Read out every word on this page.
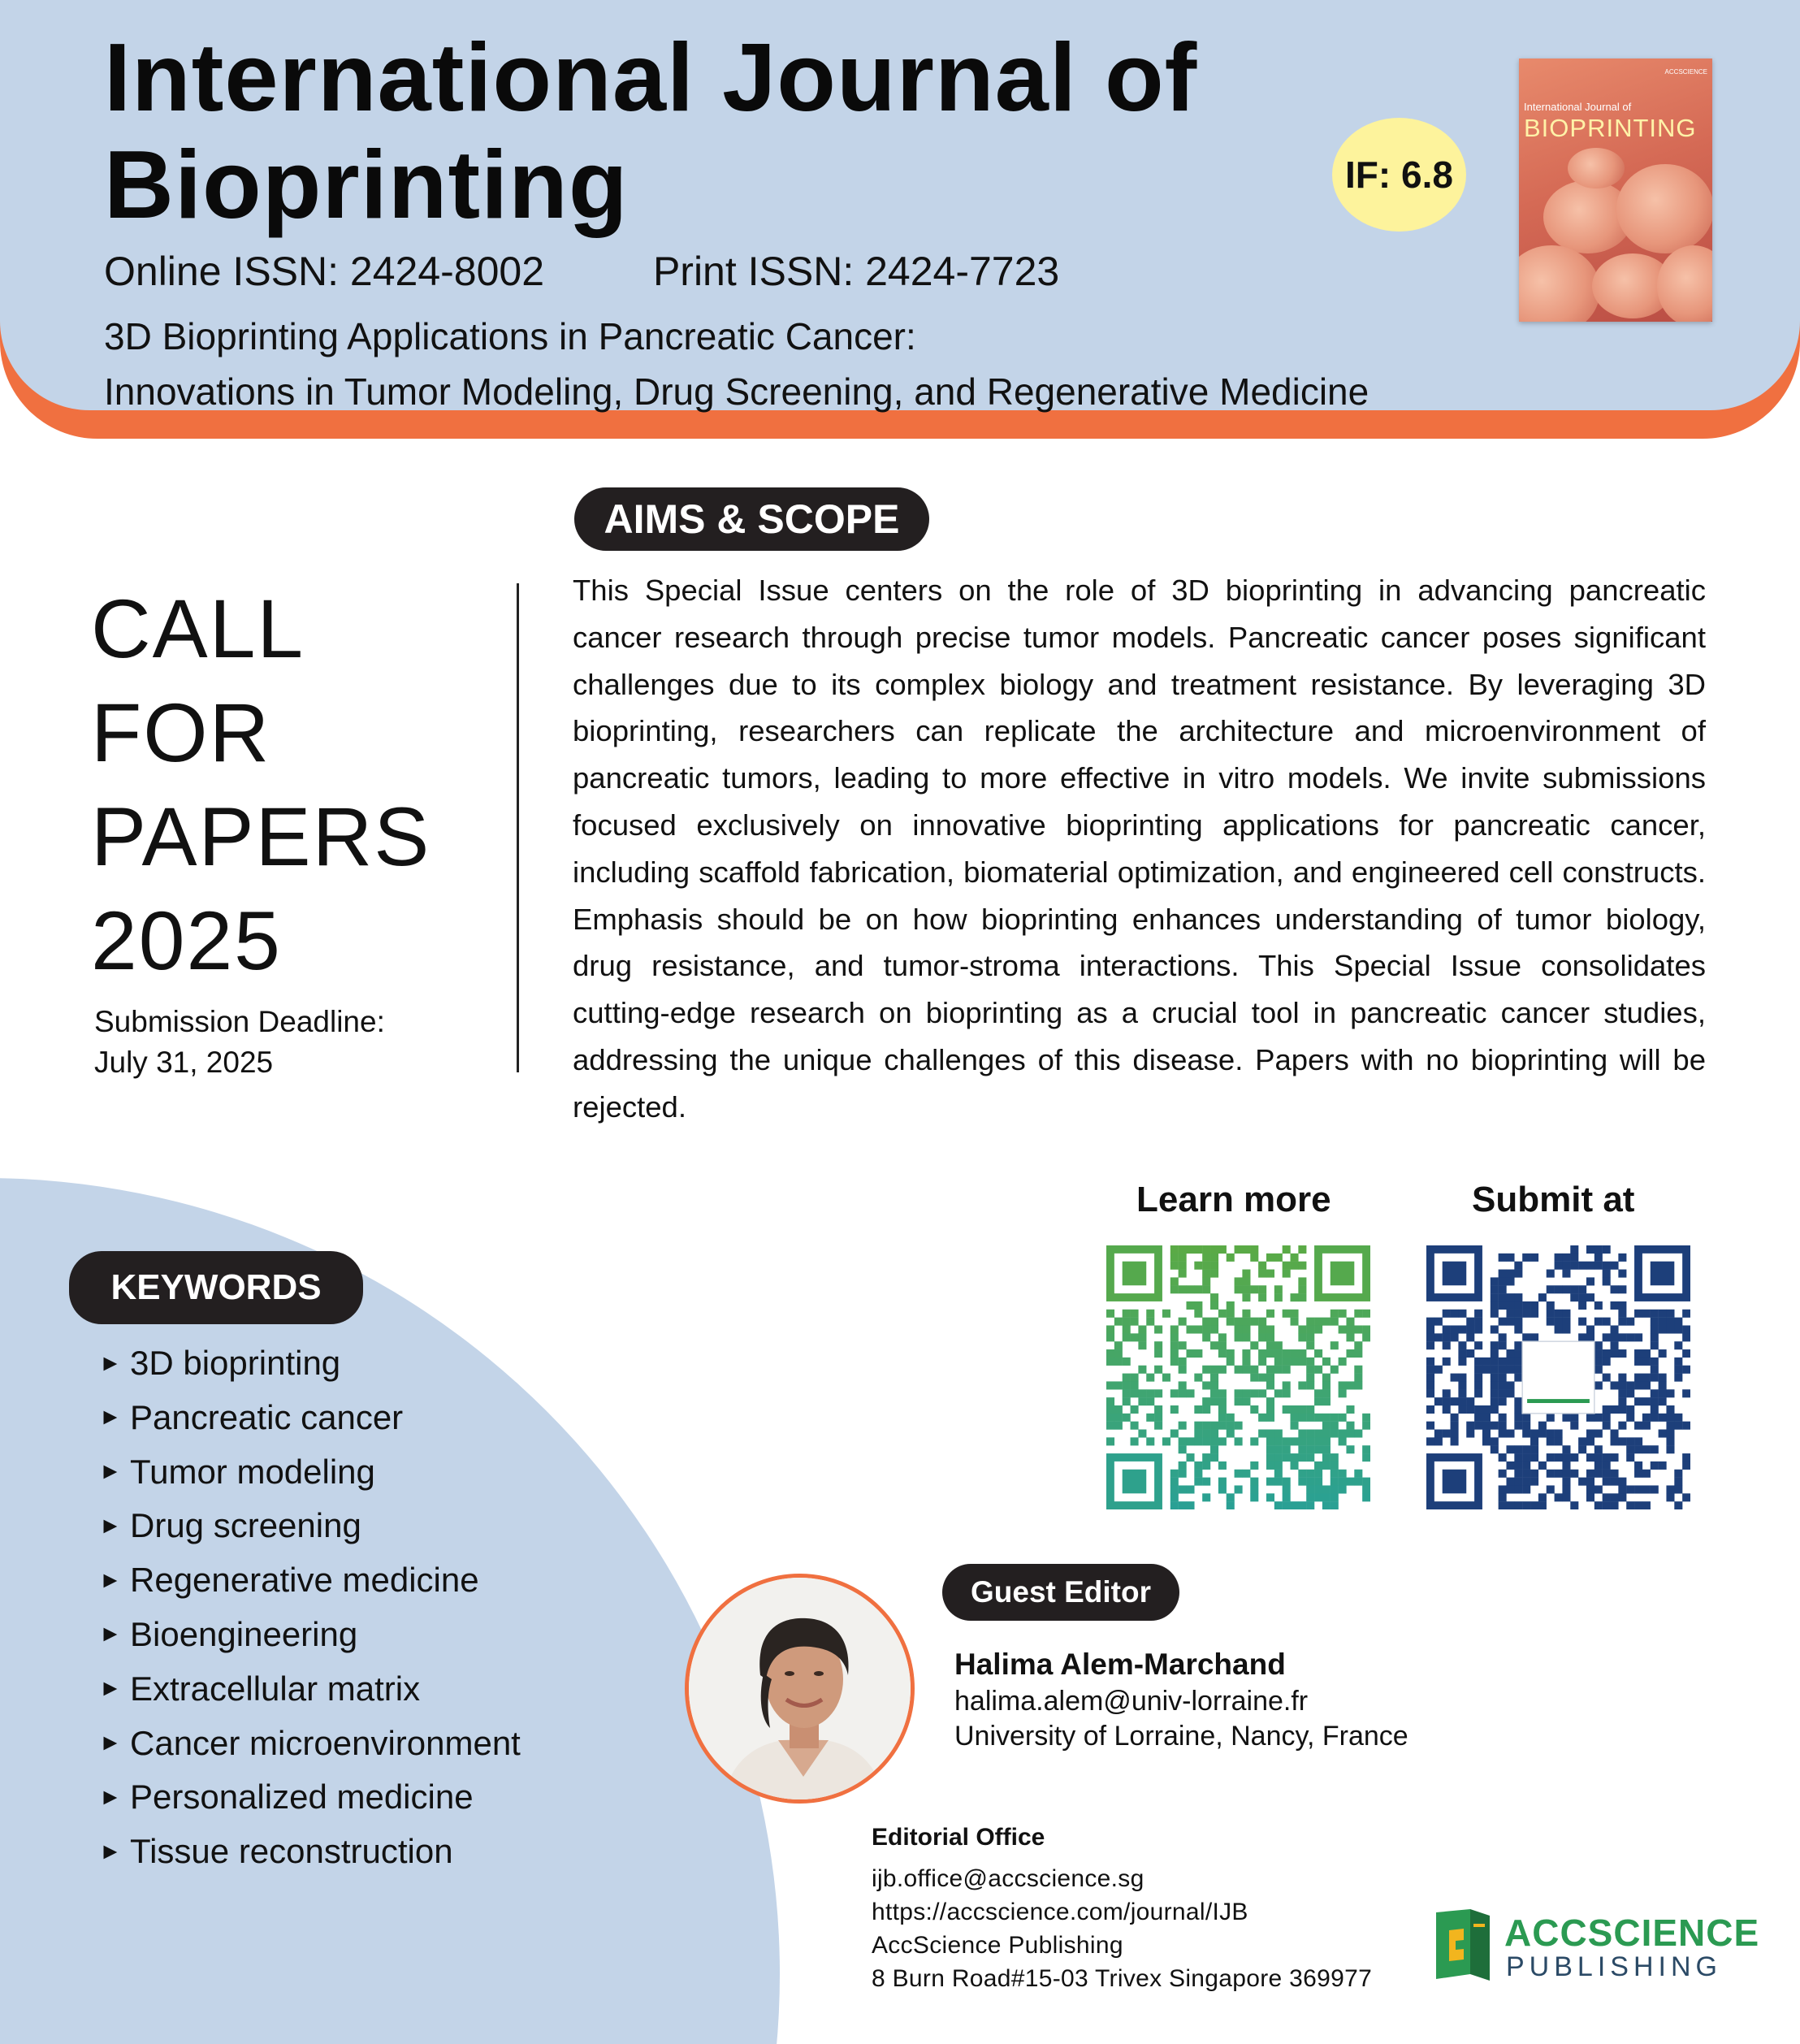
International Journal of
Bioprinting
Online ISSN: 2424-8002	Print ISSN: 2424-7723
3D Bioprinting Applications in Pancreatic Cancer:
Innovations in Tumor Modeling, Drug Screening, and Regenerative Medicine
IF: 6.8
ACCSCIENCE
International Journal of
BIOPRINTING
AIMS & SCOPE
This Special Issue centers on the role of 3D bioprinting in advancing pancreatic cancer research through precise tumor models. Pancreatic cancer poses significant challenges due to its complex biology and treatment resistance. By leveraging 3D bioprinting, researchers can replicate the architecture and microenvironment of pancreatic tumors, leading to more effective in vitro models. We invite submissions focused exclusively on innovative bioprinting applications for pancreatic cancer, including scaffold fabrication, biomaterial optimization, and engineered cell constructs. Emphasis should be on how bioprinting enhances understanding of tumor biology, drug resistance, and tumor-stroma interactions. This Special Issue consolidates cutting-edge research on bioprinting as a crucial tool in pancreatic cancer studies, addressing the unique challenges of this disease. Papers with no bioprinting will be rejected.
CALL
FOR
PAPERS
2025
Submission Deadline:
July 31, 2025
Learn more	Submit at
KEYWORDS
► 3D bioprinting
► Pancreatic cancer
► Tumor modeling
► Drug screening
► Regenerative medicine
► Bioengineering
► Extracellular matrix
► Cancer microenvironment
► Personalized medicine
► Tissue reconstruction
Guest Editor
Halima Alem-Marchand
halima.alem@univ-lorraine.fr
University of Lorraine, Nancy, France
Editorial Office
ijb.office@accscience.sg
https://accscience.com/journal/IJB
AccScience Publishing
8 Burn Road#15-03 Trivex Singapore 369977
ACCSCIENCE
PUBLISHING
